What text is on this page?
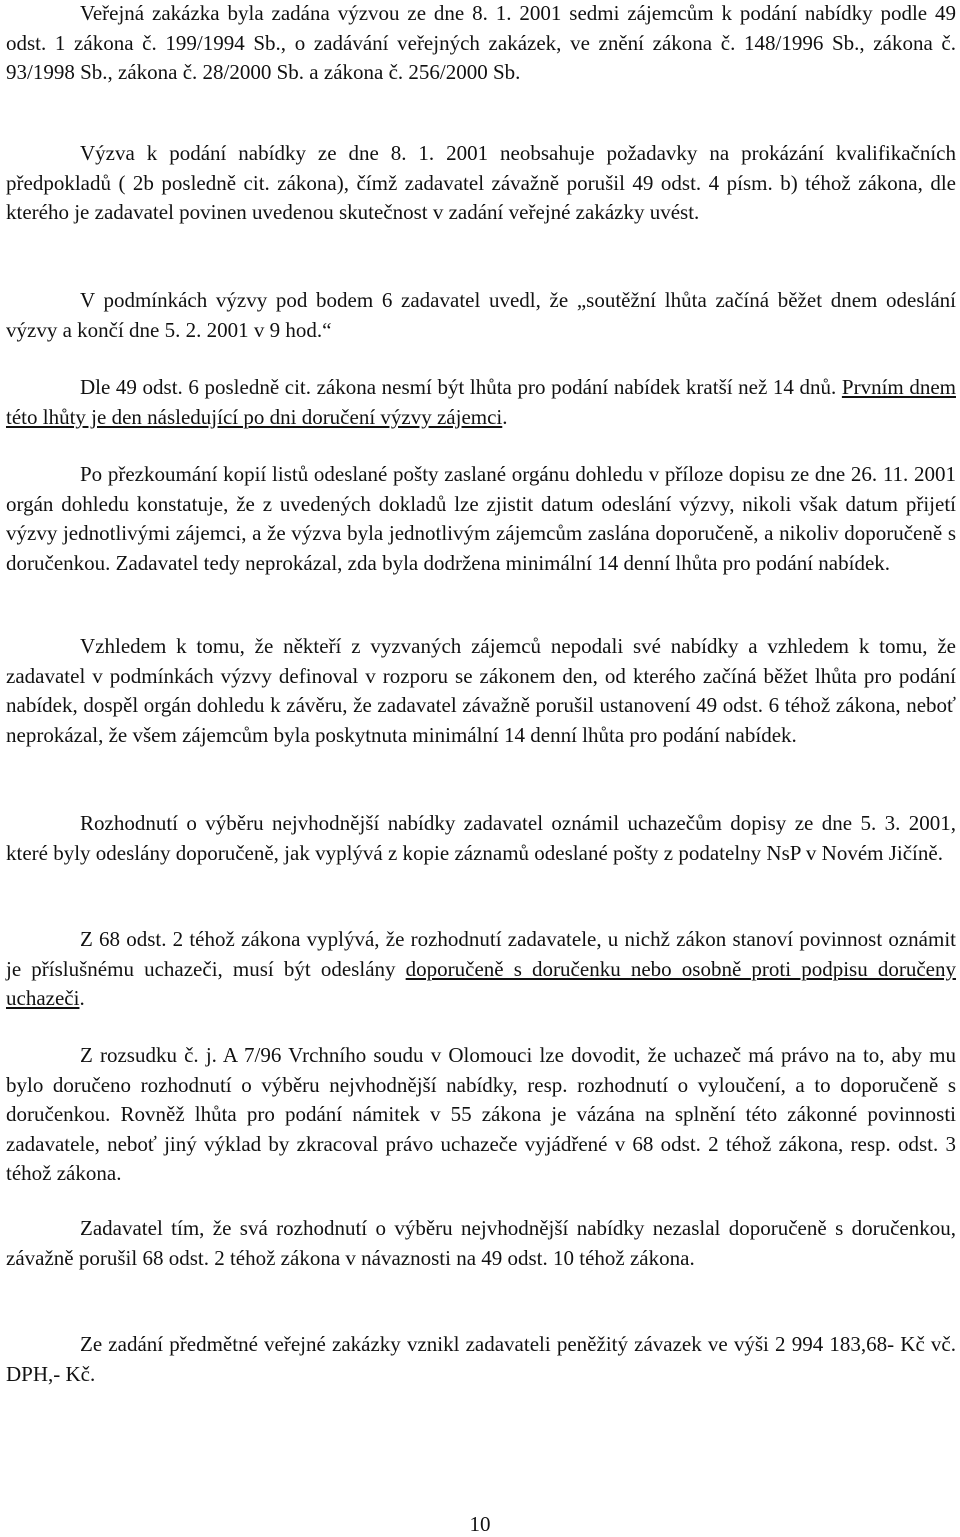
Veřejná zakázka byla zadána výzvou ze dne 8. 1. 2001 sedmi zájemcům k podání nabídky podle 49 odst. 1 zákona č. 199/1994 Sb., o zadávání veřejných zakázek, ve znění zákona č. 148/1996 Sb., zákona č. 93/1998 Sb., zákona č. 28/2000 Sb. a zákona č. 256/2000 Sb.

Výzva k podání nabídky ze dne 8. 1. 2001 neobsahuje požadavky na prokázání kvalifikačních předpokladů ( 2b posledně cit. zákona), čímž zadavatel závažně porušil 49 odst. 4 písm. b) téhož zákona, dle kterého je zadavatel povinen uvedenou skutečnost v zadání veřejné zakázky uvést.

V podmínkách výzvy pod bodem 6 zadavatel uvedl, že „soutěžní lhůta začíná běžet dnem odeslání výzvy a končí dne 5. 2. 2001 v 9 hod.“

Dle 49 odst. 6 posledně cit. zákona nesmí být lhůta pro podání nabídek kratší než 14 dnů. Prvním dnem této lhůty je den následující po dni doručení výzvy zájemci.

Po přezkoumání kopií listů odeslané pošty zaslané orgánu dohledu v příloze dopisu ze dne 26. 11. 2001 orgán dohledu konstatuje, že z uvedených dokladů lze zjistit datum odeslání výzvy, nikoli však datum přijetí výzvy jednotlivými zájemci, a že výzva byla jednotlivým zájemcům zaslána doporučeně, a nikoliv doporučeně s doručenkou. Zadavatel tedy neprokázal, zda byla dodržena minimální 14 denní lhůta pro podání nabídek.

Vzhledem k tomu, že někteří z vyzvaných zájemců nepodali své nabídky a vzhledem k tomu, že zadavatel v podmínkách výzvy definoval v rozporu se zákonem den, od kterého začíná běžet lhůta pro podání nabídek, dospěl orgán dohledu k závěru, že zadavatel závažně porušil ustanovení 49 odst. 6 téhož zákona, neboť neprokázal, že všem zájemcům byla poskytnuta minimální 14 denní lhůta pro podání nabídek.

Rozhodnutí o výběru nejvhodnější nabídky zadavatel oznámil uchazečům dopisy ze dne 5. 3. 2001, které byly odeslány doporučeně, jak vyplývá z kopie záznamů odeslané pošty z podatelny NsP v Novém Jičíně.

Z 68 odst. 2 téhož zákona vyplývá, že rozhodnutí zadavatele, u nichž zákon stanoví povinnost oznámit je příslušnému uchazeči, musí být odeslány doporučeně s doručenku nebo osobně proti podpisu doručeny uchazeči.

Z rozsudku č. j. A 7/96 Vrchního soudu v Olomouci lze dovodit, že uchazeč má právo na to, aby mu bylo doručeno rozhodnutí o výběru nejvhodnější nabídky, resp. rozhodnutí o vyloučení, a to doporučeně s doručenkou. Rovněž lhůta pro podání námitek v 55 zákona je vázána na splnění této zákonné povinnosti zadavatele, neboť jiný výklad by zkracoval právo uchazeče vyjádřené v 68 odst. 2 téhož zákona, resp. odst. 3 téhož zákona.

Zadavatel tím, že svá rozhodnutí o výběru nejvhodnější nabídky nezaslal doporučeně s doručenkou, závažně porušil 68 odst. 2 téhož zákona v návaznosti na 49 odst. 10 téhož zákona.

Ze zadání předmětné veřejné zakázky vznikl zadavateli peněžitý závazek ve výši 2 994 183,68- Kč vč. DPH,- Kč.

10
